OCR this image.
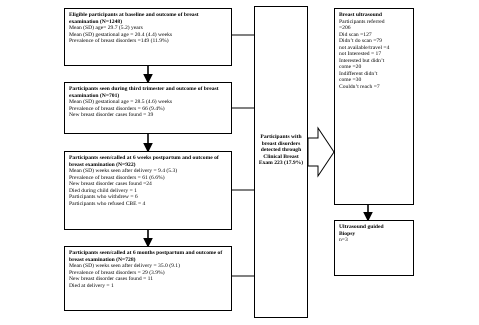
Eligible participants at baseline and outcome of breast examination (N=1248)
Mean (SD) age= 29.7 (5.2) years
Mean (SD) gestational age = 20.4 (4.4) weeks
Prevalence of breast disorders =149 (11.9%)
Participants seen during third trimester and outcome of breast examination (N=701)
Mean (SD) gestational age = 28.5 (4.6) weeks
Prevalence of breast disorders = 66 (9.4%)
New breast disorder cases found = 39
Participants seen/called at 6 weeks postpartum and outcome of breast examination (N=922)
Mean (SD) weeks seen after delivery = 9.4 (5.3)
Prevalence of breast disorders = 61 (6.6%)
New breast disorder cases found =24
Died during child delivery = 1
Participants who withdrew = 6
Participants who refused CBE = 4
Participants seen/called at 6 months postpartum and outcome of breast examination (N=728)
Mean (SD) weeks seen after delivery = 35.0 (9.1)
Prevalence of breast disorders = 29 (3.9%)
New breast disorder cases found = 11
Died at delivery = 1
Participants with breast disorders detected through Clinical Breast Exam 223 (17.9%)
Breast ultrasound
Participants referred
=206
Did scan =127
Didn’t do scan =79
not available/travel =4
not Interested = 17
Interested but didn’t
come =20
Indifferent didn’t
come =30
Couldn’t reach =7
Ultrasound guided
Biopsy
n=3
